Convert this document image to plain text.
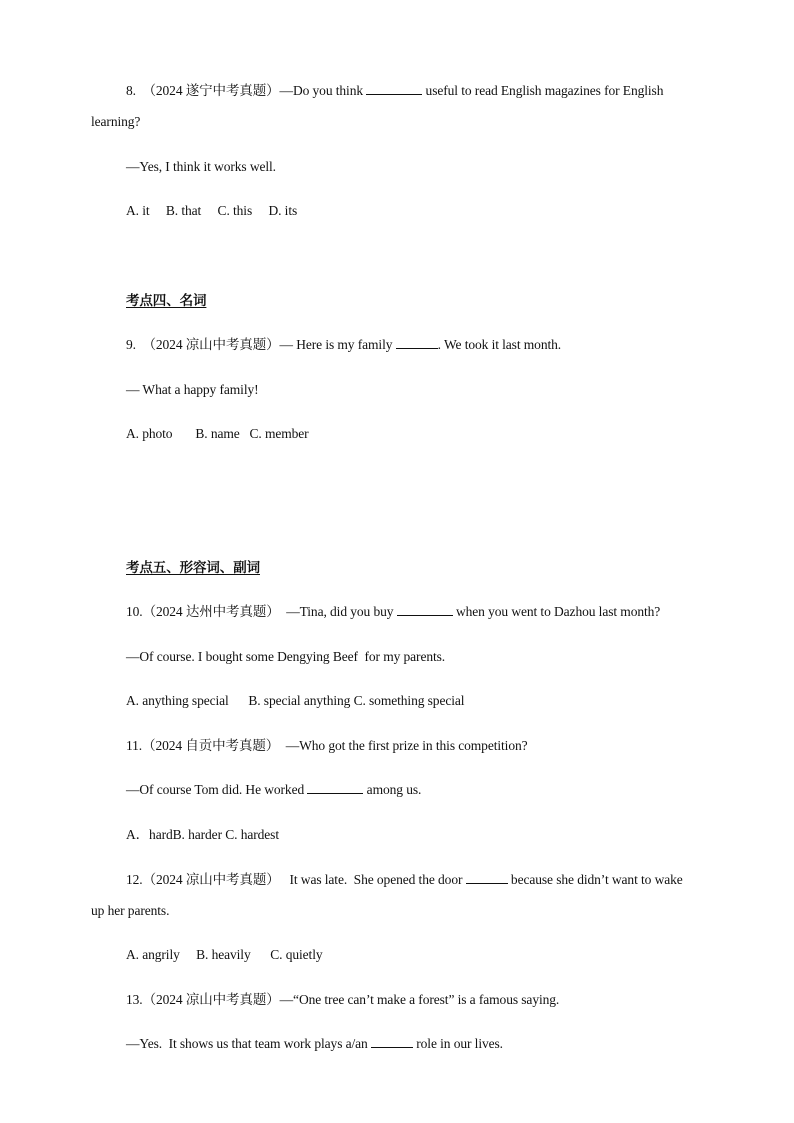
8.  （2024 遂宁中考真题）—Do you think	useful to read English magazines for English
learning?
—Yes, I think it works well.
A. it     B. that     C. this     D. its
考点四、名词
9.  （2024 凉山中考真题）— Here is my family	. We took it last month.
— What a happy family!
A. photo       B. name   C. member
考点五、形容词、副词
10.（2024 达州中考真题）  —Tina, did you buy	when you went to Dazhou last month?
—Of course. I bought some Dengying Beef  for my parents.
A. anything special      B. special anything C. something special
11.（2024 自贡中考真题）  —Who got the first prize in this competition?
—Of course Tom did. He worked	among us.
A．hardB. harder C. hardest
12.（2024 凉山中考真题）   It was late.  She opened the door	because she didn’t want to wake
up her parents.
A. angrily     B. heavily      C. quietly
13.（2024 凉山中考真题）—“One tree can’t make a forest” is a famous saying.
—Yes.  It shows us that team work plays a/an	role in our lives.
